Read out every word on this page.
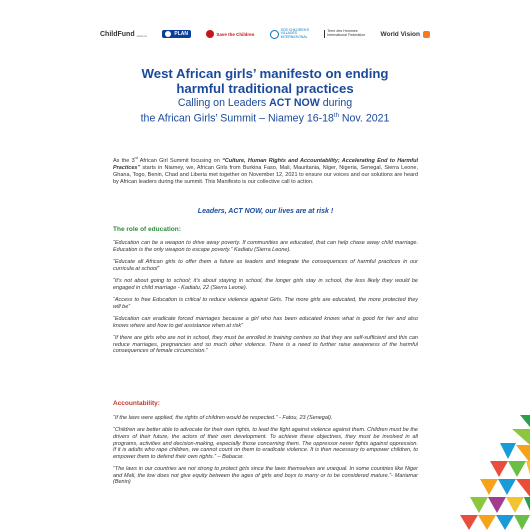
ChildFund Alliance	PLAN	Save the Children
SOS CHILDREN'S
VILLAGES
INTERNATIONAL
Terre des Hommes
International Federation World Vision
West African girls’ manifesto on ending
harmful traditional practices
Calling on Leaders ACT NOW during
the African Girls’ Summit – Niamey 16-18th Nov. 2021
As the 3rd African Girl Summit focusing on “Culture, Human Rights and Accountability; Accelerating End to Harmful Practices” starts in Niamey, we, African Girls from Burkina Faso, Mali, Mauritania, Niger, Nigeria, Senegal, Sierra Leone, Ghana, Togo, Benin, Chad and Liberia met together on November 12, 2021 to ensure our voices and our solutions are heard by African leaders during the summit. This Manifesto is our collective call to action.
Leaders, ACT NOW, our lives are at risk !
The role of education:

“Education can be a weapon to drive away poverty. If communities are educated, that can help chase away child marriage. Education is the only weapon to escape poverty.” Kadiatu (Sierra Leone).

“Educate all African girls to offer them a future as leaders and integrate the consequences of harmful practices in our curricula at school”

“It’s not about going to school; it’s about staying in school, the longer girls stay in school, the less likely they would be engaged in child marriage - Kadiatu, 22 (Sierra Leone).

“Access to free Education is critical to reduce violence against Girls. The more girls are educated, the more protected they will be”

“Education can eradicate forced marriages because a girl who has been educated knows what is good for her and also knows where and how to get assistance when at risk”

“If there are girls who are not in school, they must be enrolled in training centres so that they are self-sufficient and this can reduce marriages, pregnancies and so much other violence. There is a need to further raise awareness of the harmful consequences of female circumcision.”

Accountability:

“If the laws were applied, the rights of children would be respected.” - Fatou, 23 (Senegal).

“Children are better able to advocate for their own rights, to lead the fight against violence against them. Children must be the drivers of their future, the actors of their own development. To achieve these objectives, they must be involved in all programs, activities and decision-making, especially those concerning them. The oppressor never fights against oppression. If it is adults who rape children, we cannot count on them to eradicate violence. It is then necessary to empower children, to empower them to defend their own rights.” – Babacar.

“The laws in our countries are not strong to protect girls since the laws themselves are unequal. In some countries like Niger and Mali, the low does not give equity between the ages of girls and boys to marry or to be considered mature.”- Mariamar (Benin)
